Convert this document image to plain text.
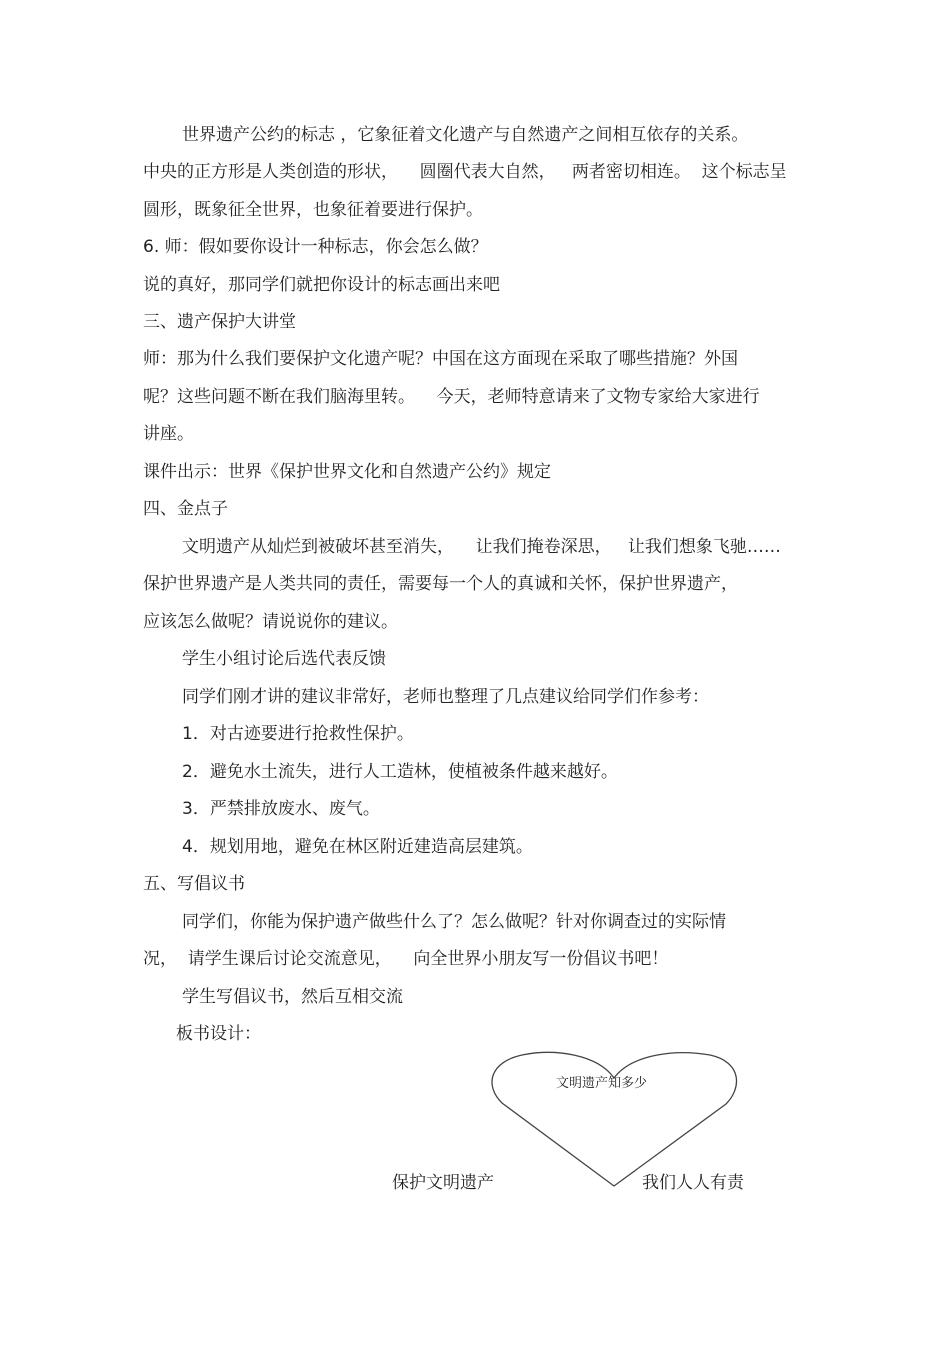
世界遗产公约的标志 ，它象征着文化遗产与自然遗产之间相互依存的关系。
中央的正方形是人类创造的形状，    圆圈代表大自然，   两者密切相连。  这个标志呈
圆形，既象征全世界，也象征着要进行保护。
6. 师：假如要你设计一种标志，你会怎么做？
说的真好，那同学们就把你设计的标志画出来吧
三、遗产保护大讲堂
师：那为什么我们要保护文化遗产呢？中国在这方面现在采取了哪些措施？外国
呢？这些问题不断在我们脑海里转。    今天，老师特意请来了文物专家给大家进行
讲座。
课件出示：世界《保护世界文化和自然遗产公约》规定
四、金点子
文明遗产从灿烂到被破坏甚至消失，    让我们掩卷深思，   让我们想象飞驰……
保护世界遗产是人类共同的责任，需要每一个人的真诚和关怀，保护世界遗产，
应该怎么做呢？请说说你的建议。
学生小组讨论后选代表反馈
同学们刚才讲的建议非常好，老师也整理了几点建议给同学们作参考：
1．对古迹要进行抢救性保护。
2．避免水土流失，进行人工造林，使植被条件越来越好。
3．严禁排放废水、废气。
4．规划用地，避免在林区附近建造高层建筑。
五、写倡议书
同学们，你能为保护遗产做些什么了？怎么做呢？针对你调查过的实际情
况，  请学生课后讨论交流意见，    向全世界小朋友写一份倡议书吧！
学生写倡议书，然后互相交流
板书设计：
文明遗产知多少
保护文明遗产	我们人人有责
